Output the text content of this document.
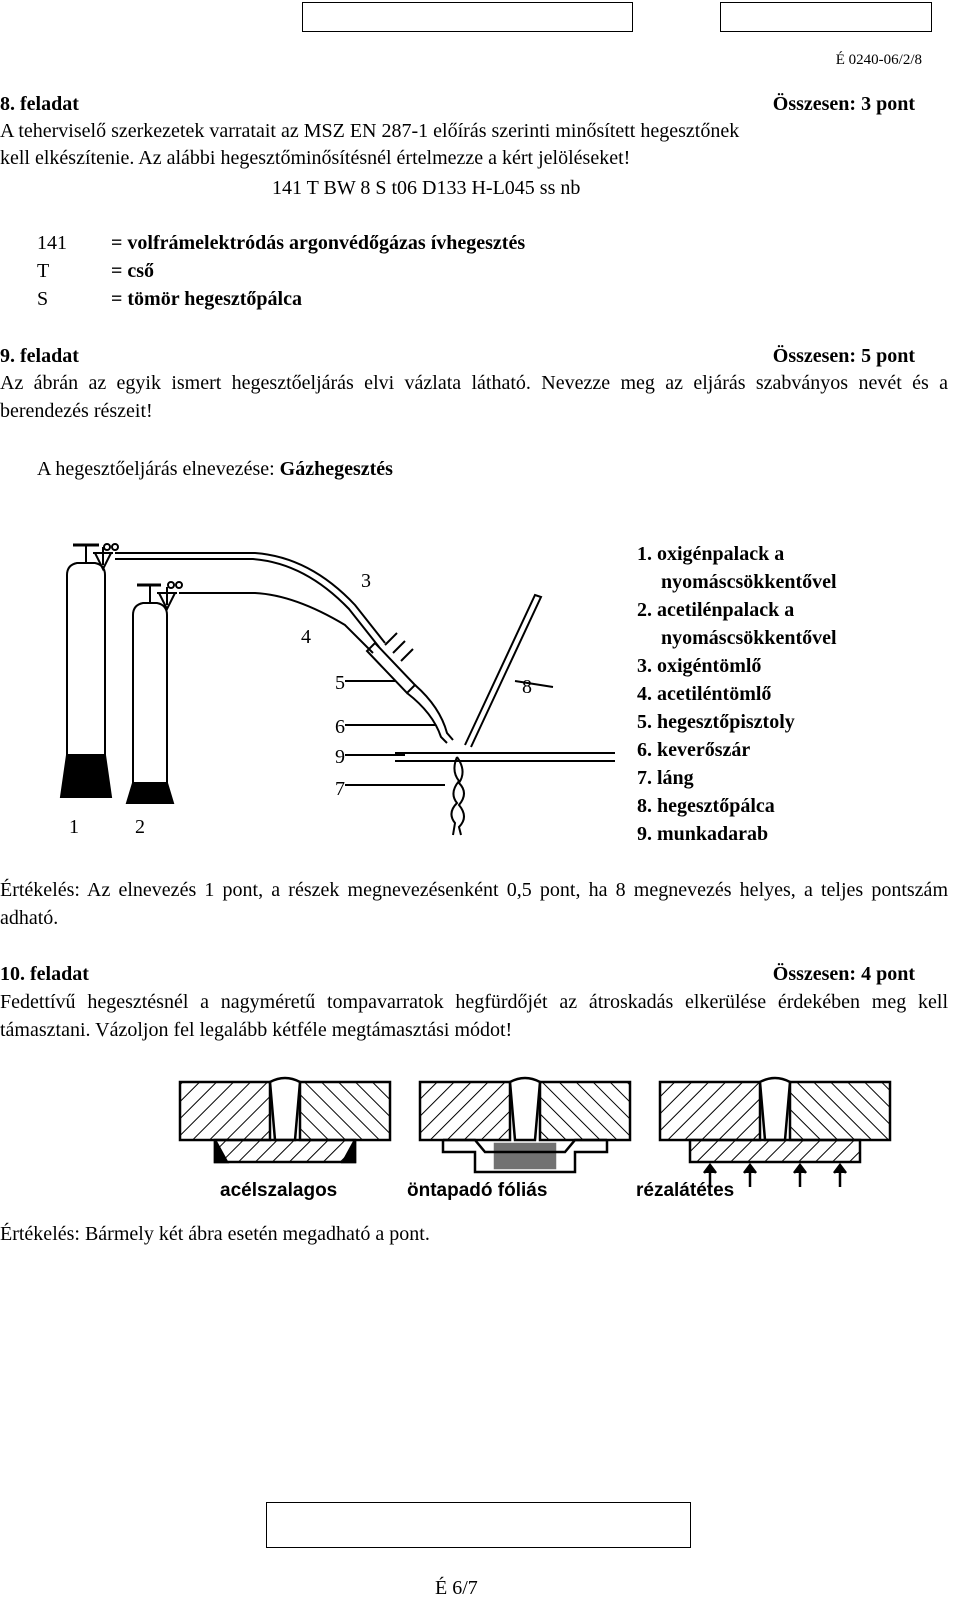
É 0240-06/2/8
8. feladat	Összesen: 3 pont
A teherviselő szerkezetek varratait az MSZ EN 287-1 előírás szerinti minősített hegesztőnek
kell elkészítenie. Az alábbi hegesztőminősítésnél értelmezze a kért jelöléseket!
141 T BW 8 S t06 D133 H-L045 ss nb
141 = volfrámelektródás argonvédőgázas ívhegesztés
T	= cső
S	= tömör hegesztőpálca
9. feladat	Összesen: 5 pont
Az ábrán az egyik ismert hegesztőeljárás elvi vázlata látható. Nevezze meg az eljárás szabványos nevét és a berendezés részeit!
A hegesztőeljárás elnevezése: Gázhegesztés
1	2
3
4
5
6
9
7
8
1. oxigénpalack a
nyomáscsökkentővel
2. acetilénpalack a
nyomáscsökkentővel
3. oxigéntömlő
4. acetiléntömlő
5. hegesztőpisztoly
6. keverőszár
7. láng
8. hegesztőpálca
9. munkadarab
Értékelés: Az elnevezés 1 pont, a részek megnevezésenként 0,5 pont, ha 8 megnevezés helyes, a teljes pontszám adható.
10. feladat	Összesen: 4 pont
Fedettívű hegesztésnél a nagyméretű tompavarratok hegfürdőjét az átroskadás elkerülése érdekében meg kell támasztani. Vázoljon fel legalább kétféle megtámasztási módot!
acélszalagos	öntapadó fóliás	rézalátétes
Értékelés: Bármely két ábra esetén megadható a pont.
É 6/7
